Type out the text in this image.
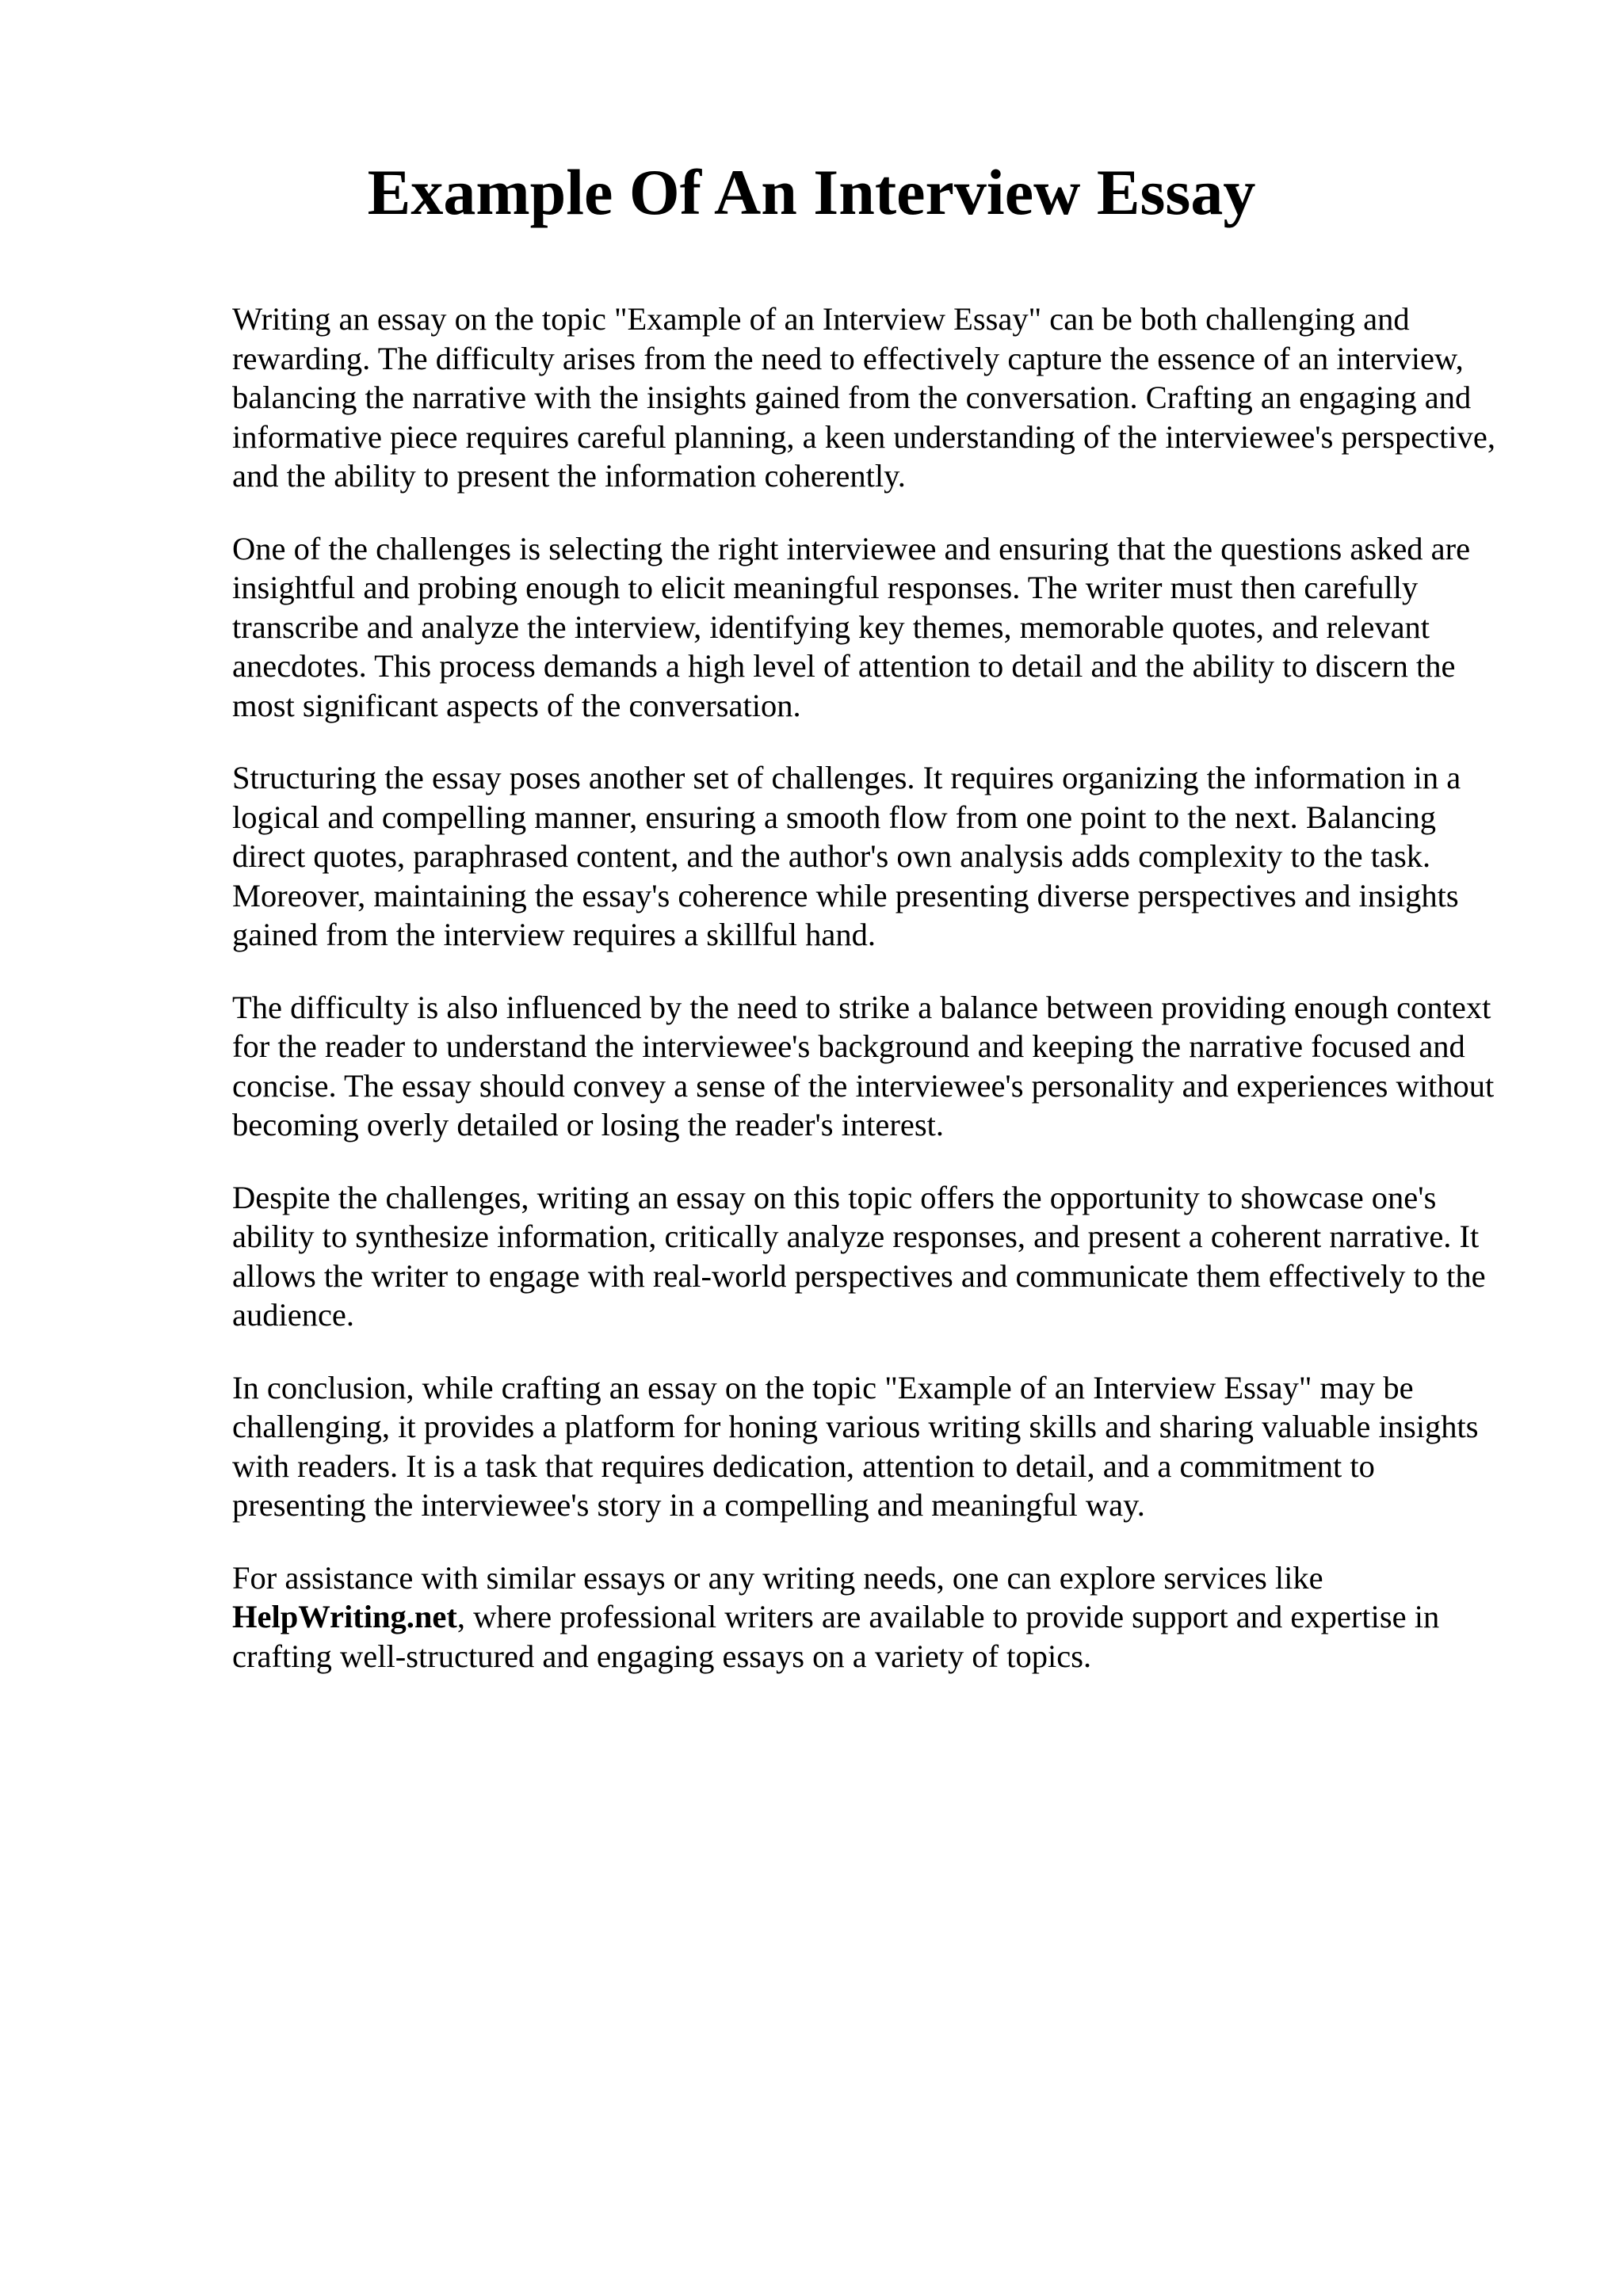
Example Of An Interview Essay

Writing an essay on the topic "Example of an Interview Essay" can be both challenging and rewarding. The difficulty arises from the need to effectively capture the essence of an interview, balancing the narrative with the insights gained from the conversation. Crafting an engaging and informative piece requires careful planning, a keen understanding of the interviewee's perspective, and the ability to present the information coherently.

One of the challenges is selecting the right interviewee and ensuring that the questions asked are insightful and probing enough to elicit meaningful responses. The writer must then carefully transcribe and analyze the interview, identifying key themes, memorable quotes, and relevant anecdotes. This process demands a high level of attention to detail and the ability to discern the most significant aspects of the conversation.

Structuring the essay poses another set of challenges. It requires organizing the information in a logical and compelling manner, ensuring a smooth flow from one point to the next. Balancing direct quotes, paraphrased content, and the author's own analysis adds complexity to the task. Moreover, maintaining the essay's coherence while presenting diverse perspectives and insights gained from the interview requires a skillful hand.

The difficulty is also influenced by the need to strike a balance between providing enough context for the reader to understand the interviewee's background and keeping the narrative focused and concise. The essay should convey a sense of the interviewee's personality and experiences without becoming overly detailed or losing the reader's interest.

Despite the challenges, writing an essay on this topic offers the opportunity to showcase one's ability to synthesize information, critically analyze responses, and present a coherent narrative. It allows the writer to engage with real-world perspectives and communicate them effectively to the audience.

In conclusion, while crafting an essay on the topic "Example of an Interview Essay" may be challenging, it provides a platform for honing various writing skills and sharing valuable insights with readers. It is a task that requires dedication, attention to detail, and a commitment to presenting the interviewee's story in a compelling and meaningful way.

For assistance with similar essays or any writing needs, one can explore services like HelpWriting.net, where professional writers are available to provide support and expertise in crafting well-structured and engaging essays on a variety of topics.
